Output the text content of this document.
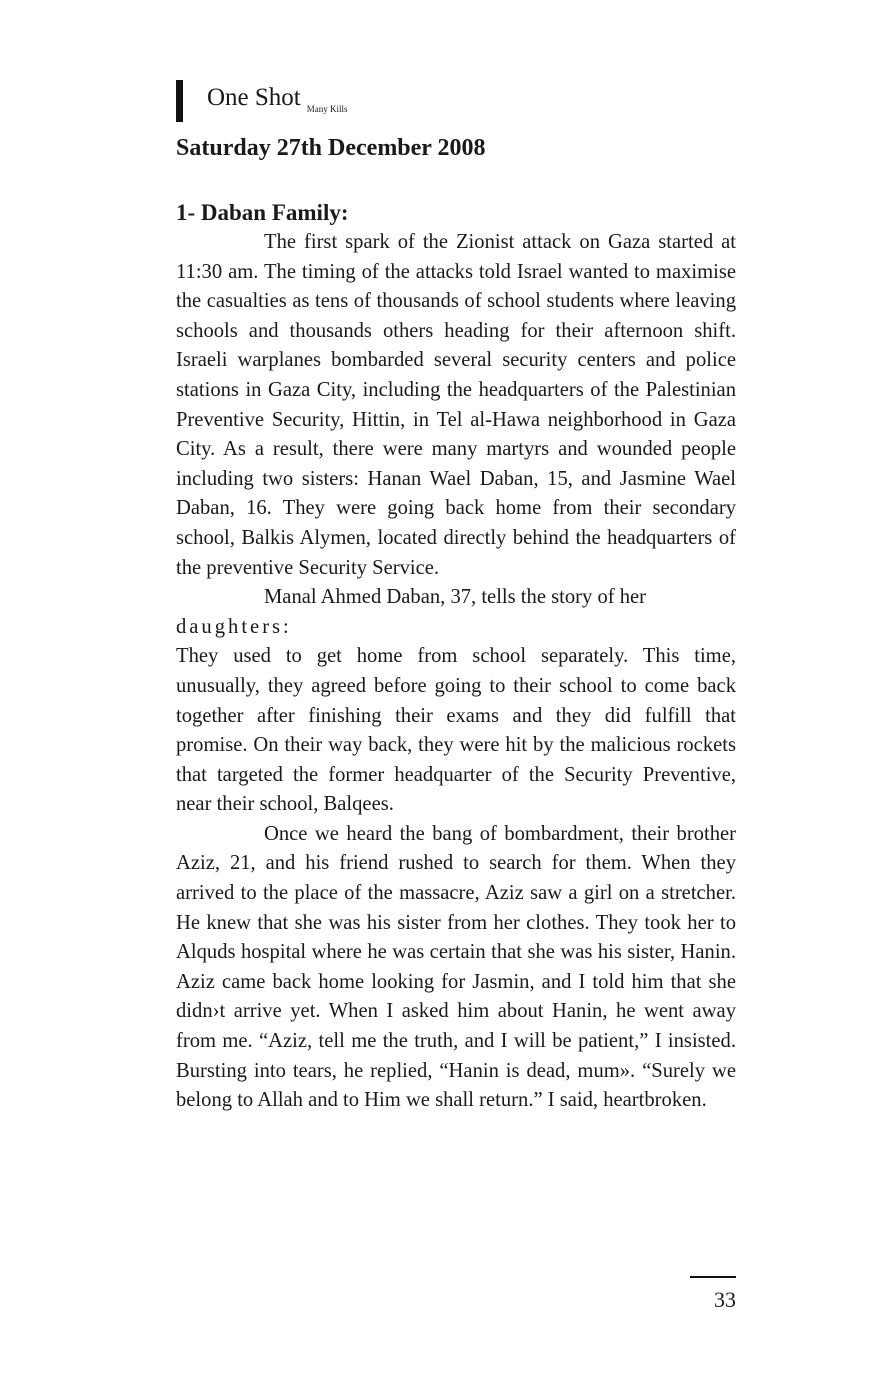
One Shot Many Kills
Saturday 27th December 2008
1- Daban Family:

The first spark of the Zionist attack on Gaza started at 11:30 am. The timing of the attacks told Israel wanted to maximise the casualties as tens of thousands of school students where leaving schools and thousands others heading for their afternoon shift. Israeli warplanes bombarded several security centers and police stations in Gaza City, including the headquarters of the Palestinian Preventive Security, Hittin, in Tel al-Hawa neighborhood in Gaza City. As a result, there were many martyrs and wounded people including two sisters: Hanan Wael Daban, 15, and Jasmine Wael Daban, 16. They were going back home from their secondary school, Balkis Alymen, located directly behind the headquarters of the preventive Security Service.

Manal Ahmed Daban, 37, tells the story of her

daughters:

They used to get home from school separately. This time, unusually, they agreed before going to their school to come back together after finishing their exams and they did fulfill that promise. On their way back, they were hit by the malicious rockets that targeted the former headquarter of the Security Preventive, near their school, Balqees.

Once we heard the bang of bombardment, their brother Aziz, 21, and his friend rushed to search for them. When they arrived to the place of the massacre, Aziz saw a girl on a stretcher. He knew that she was his sister from her clothes. They took her to Alquds hospital where he was certain that she was his sister, Hanin. Aziz came back home looking for Jasmin, and I told him that she didn›t arrive yet. When I asked him about Hanin, he went away from me. “Aziz, tell me the truth, and I will be patient,” I insisted. Bursting into tears, he replied, “Hanin is dead, mum». “Surely we belong to Allah and to Him we shall return.” I said, heartbroken.

33
